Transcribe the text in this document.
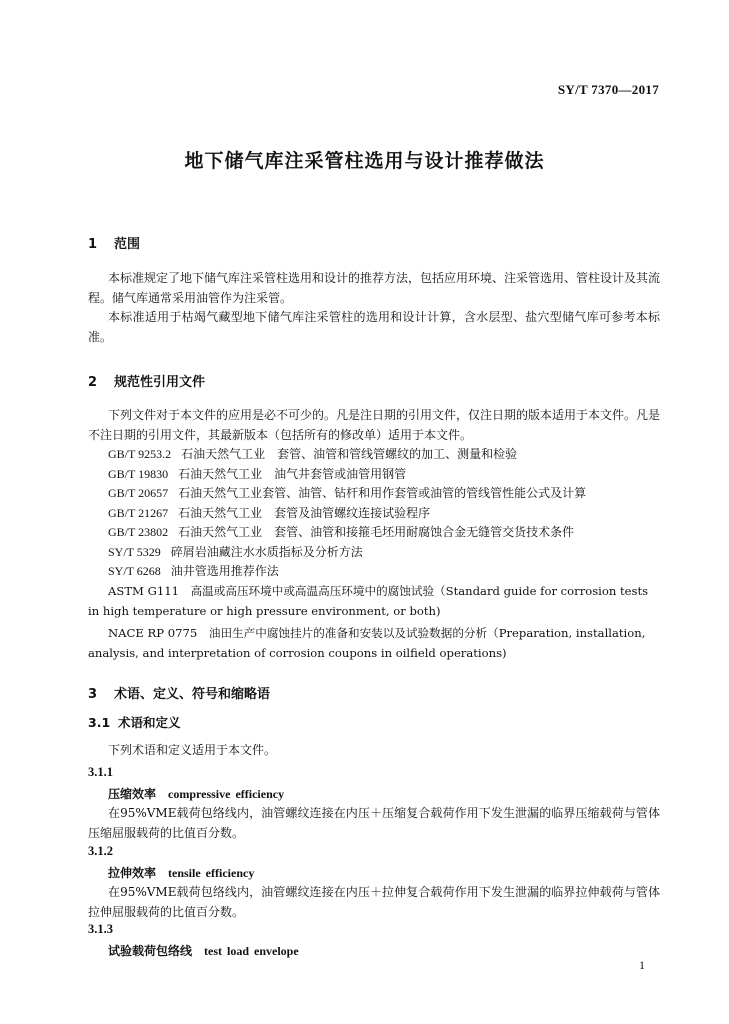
SY/T 7370—2017
地下储气库注采管柱选用与设计推荐做法
1 范围
本标准规定了地下储气库注采管柱选用和设计的推荐方法，包括应用环境、注采管选用、管柱设计及其流程。储气库通常采用油管作为注采管。
本标准适用于枯竭气藏型地下储气库注采管柱的选用和设计计算，含水层型、盐穴型储气库可参考本标准。
2 规范性引用文件
下列文件对于本文件的应用是必不可少的。凡是注日期的引用文件，仅注日期的版本适用于本文件。凡是不注日期的引用文件，其最新版本（包括所有的修改单）适用于本文件。
GB/T 9253.2 石油天然气工业　套管、油管和管线管螺纹的加工、测量和检验
GB/T 19830 石油天然气工业　油气井套管或油管用钢管
GB/T 20657 石油天然气工业套管、油管、钻杆和用作套管或油管的管线管性能公式及计算
GB/T 21267 石油天然气工业　套管及油管螺纹连接试验程序
GB/T 23802 石油天然气工业　套管、油管和接箍毛坯用耐腐蚀合金无缝管交货技术条件
SY/T 5329 碎屑岩油藏注水水质指标及分析方法
SY/T 6268 油井管选用推荐作法
ASTM G111　高温或高压环境中或高温高压环境中的腐蚀试验（Standard guide for corrosion tests
in high temperature or high pressure environment, or both)
NACE RP 0775　油田生产中腐蚀挂片的准备和安装以及试验数据的分析（Preparation, installation,
analysis, and interpretation of corrosion coupons in oilfield operations)
3 术语、定义、符号和缩略语
3.1 术语和定义
下列术语和定义适用于本文件。
3.1.1
压缩效率 compressive efficiency
在95%VME载荷包络线内，油管螺纹连接在内压＋压缩复合载荷作用下发生泄漏的临界压缩载荷与管体压缩屈服载荷的比值百分数。
3.1.2
拉伸效率 tensile efficiency
在95%VME载荷包络线内，油管螺纹连接在内压＋拉伸复合载荷作用下发生泄漏的临界拉伸载荷与管体拉伸屈服载荷的比值百分数。
3.1.3
试验载荷包络线 test load envelope
1
